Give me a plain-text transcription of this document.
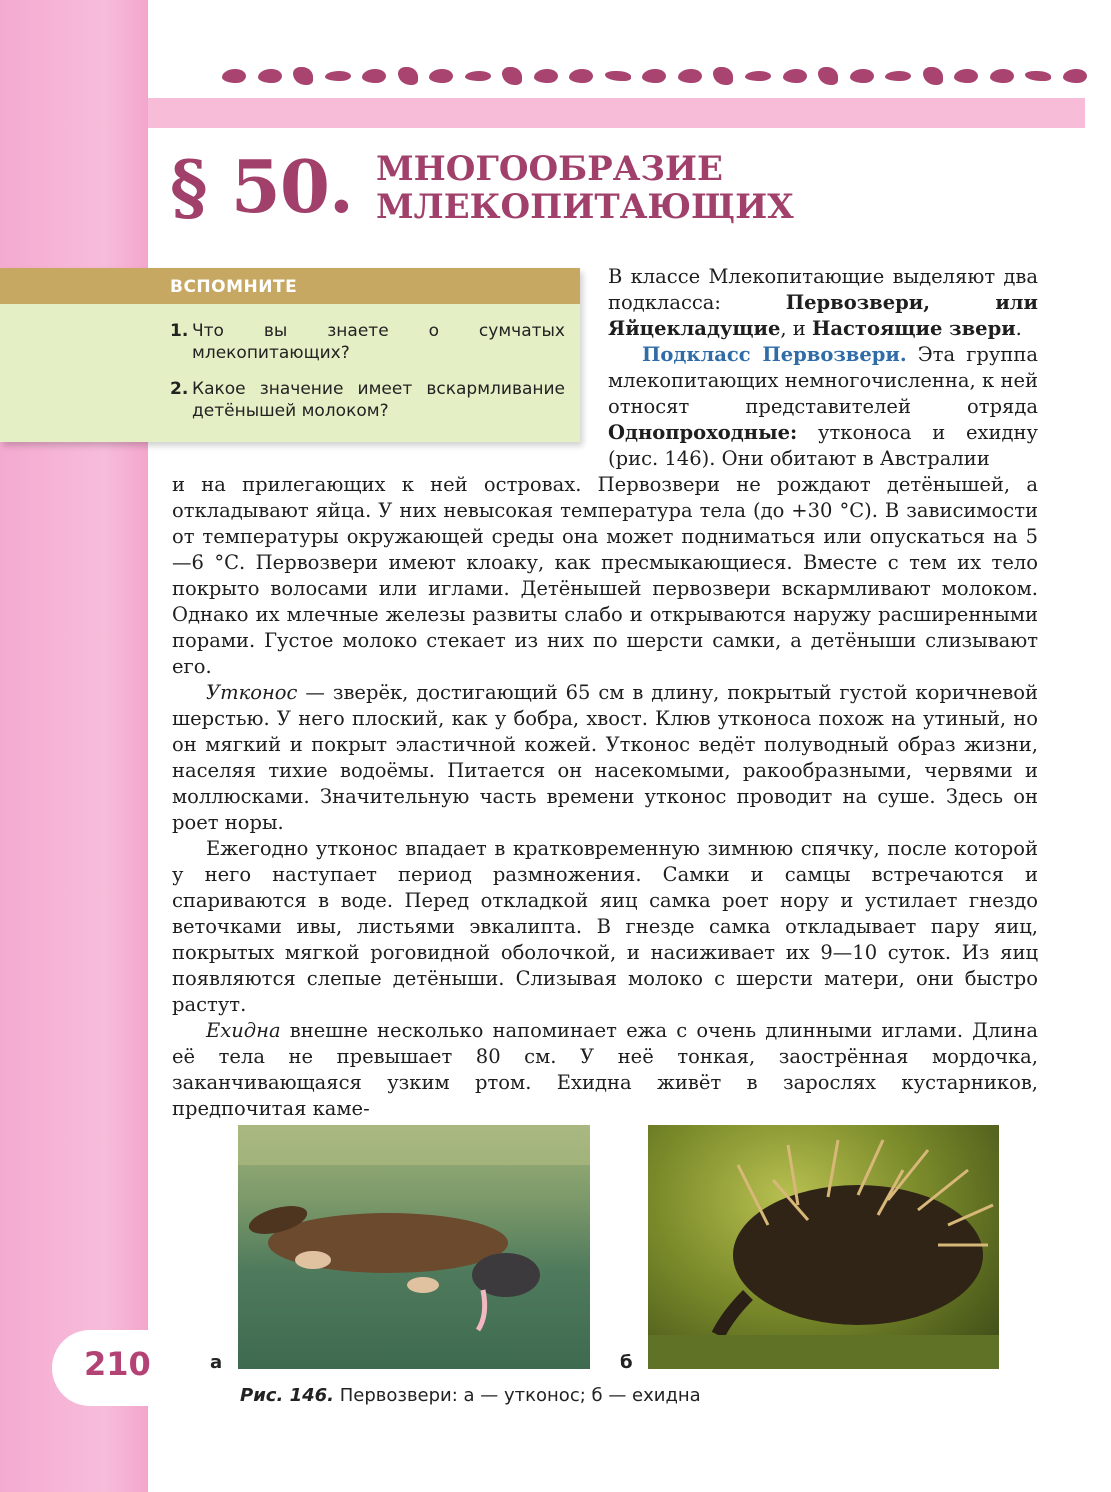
§ 50. МНОГООБРАЗИЕ
МЛЕКОПИТАЮЩИХ
ВСПОМНИТЕ
1. Что вы знаете о сумчатых млекопитающих?
2. Какое значение имеет вскармливание детёнышей молоком?

В классе Млекопитающие выделяют два подкласса: Первозвери, или Яйцекладущие, и Настоящие звери.

Подкласс Первозвери. Эта группа млекопитающих немногочисленна, к ней относят представителей отряда Однопроходные: утконоса и ехидну (рис. 146). Они обитают в Австралии

и на прилегающих к ней островах. Первозвери не рождают детёнышей, а откладывают яйца. У них невысокая температура тела (до +30 °С). В зависимости от температуры окружающей среды она может подниматься или опускаться на 5—6 °С. Первозвери имеют клоаку, как пресмыкающиеся. Вместе с тем их тело покрыто волосами или иглами. Детёнышей первозвери вскармливают молоком. Однако их млечные железы развиты слабо и открываются наружу расширенными порами. Густое молоко стекает из них по шерсти самки, а детёныши слизывают его.

Утконос — зверёк, достигающий 65 см в длину, покрытый густой коричневой шерстью. У него плоский, как у бобра, хвост. Клюв утконоса похож на утиный, но он мягкий и покрыт эластичной кожей. Утконос ведёт полуводный образ жизни, населяя тихие водоёмы. Питается он насекомыми, ракообразными, червями и моллюсками. Значительную часть времени утконос проводит на суше. Здесь он роет норы.

Ежегодно утконос впадает в кратковременную зимнюю спячку, после которой у него наступает период размножения. Самки и самцы встречаются и спариваются в воде. Перед откладкой яиц самка роет нору и устилает гнездо веточками ивы, листьями эвкалипта. В гнезде самка откладывает пару яиц, покрытых мягкой роговидной оболочкой, и насиживает их 9—10 суток. Из яиц появляются слепые детёныши. Слизывая молоко с шерсти матери, они быстро растут.

Ехидна внешне несколько напоминает ежа с очень длинными иглами. Длина её тела не превышает 80 см. У неё тонкая, заострённая мордочка, заканчивающаяся узким ртом. Ехидна живёт в зарослях кустарников, предпочитая каме-

а	б
210
Рис. 146. Первозвери: а — утконос; б — ехидна
